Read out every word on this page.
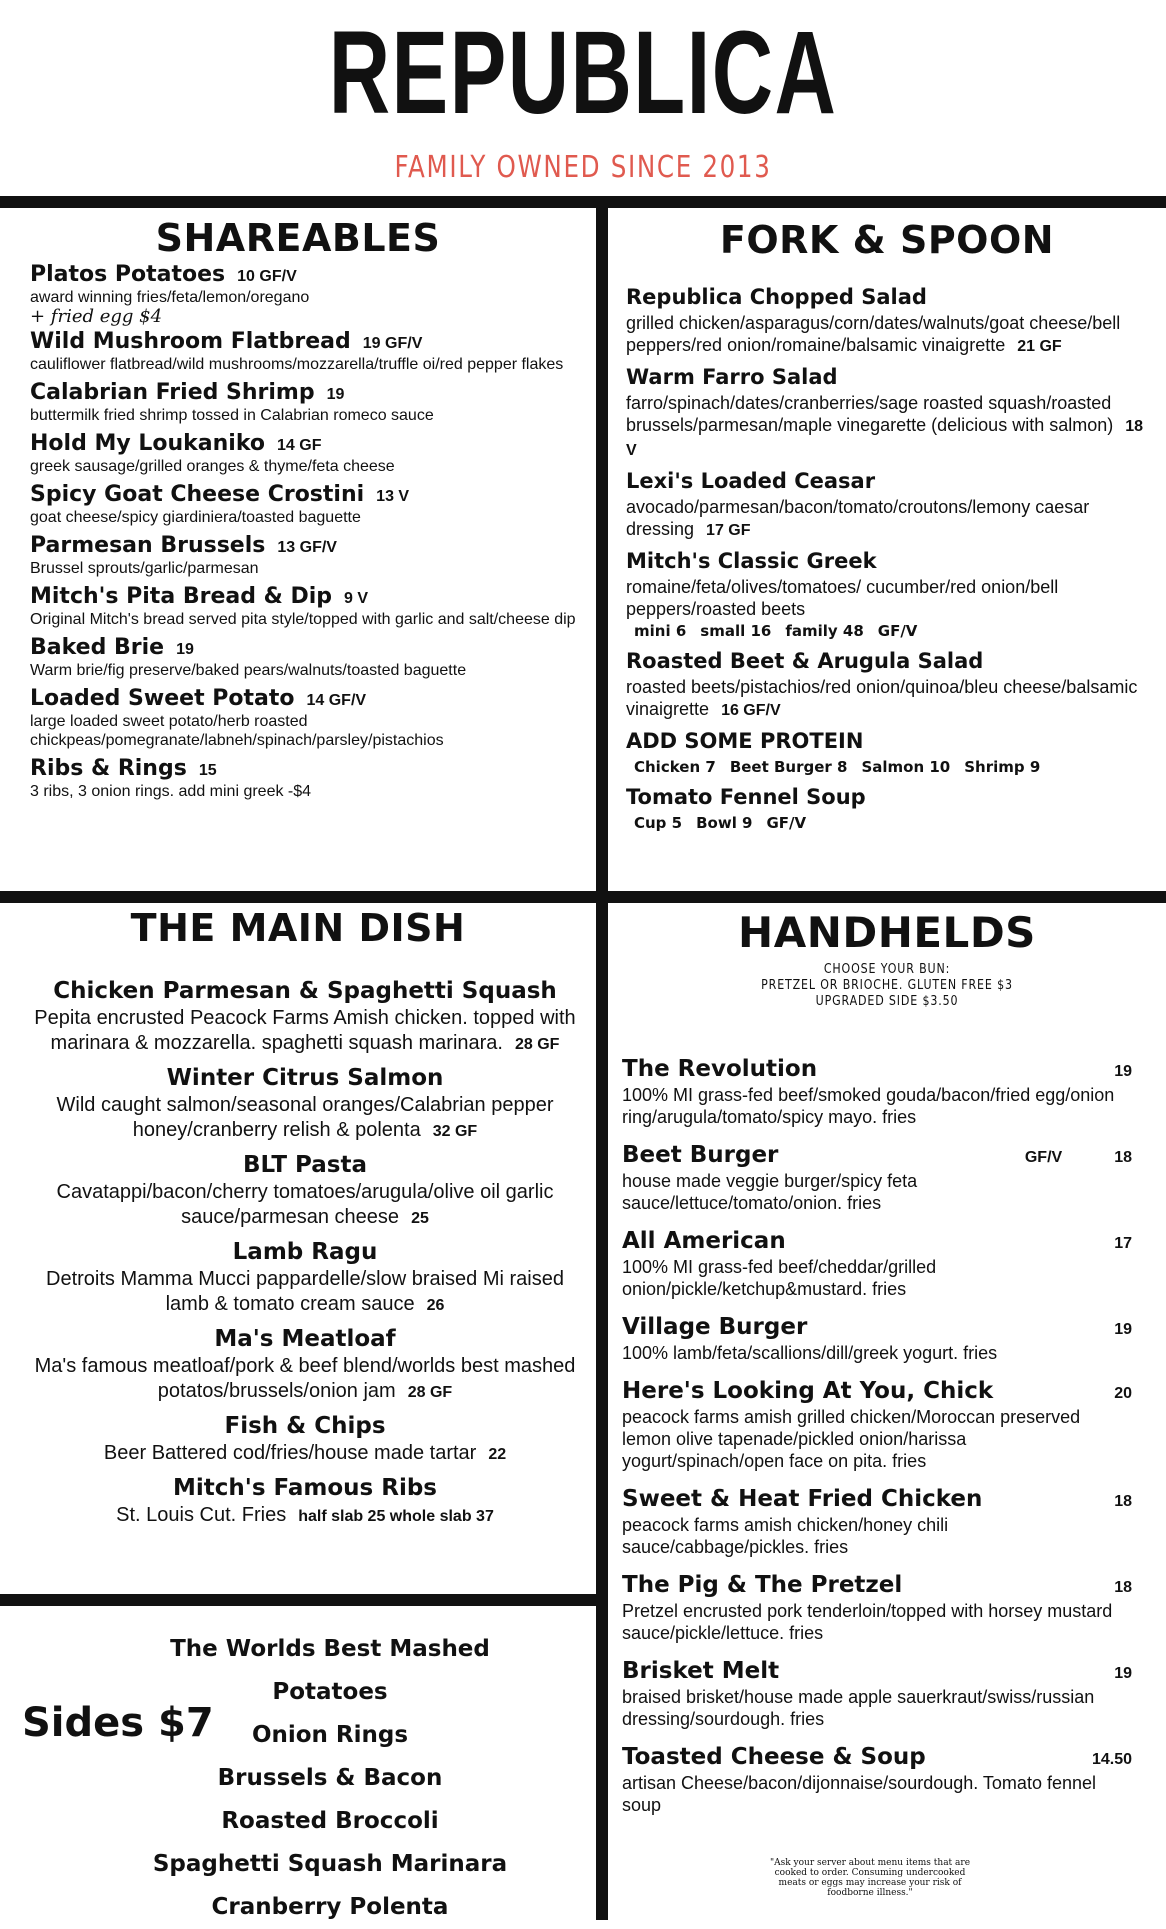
REPUBLICA
FAMILY OWNED SINCE 2013
SHAREABLES
Platos Potatoes 10 GF/V
award winning fries/feta/lemon/oregano
+ fried egg $4
Wild Mushroom Flatbread 19 GF/V
cauliflower flatbread/wild mushrooms/mozzarella/truffle oi/red pepper flakes
Calabrian Fried Shrimp 19
buttermilk fried shrimp tossed in Calabrian romeco sauce
Hold My Loukaniko 14 GF
greek sausage/grilled oranges & thyme/feta cheese
Spicy Goat Cheese Crostini 13 V
goat cheese/spicy giardiniera/toasted baguette
Parmesan Brussels 13 GF/V
Brussel sprouts/garlic/parmesan
Mitch's Pita Bread & Dip 9 V
Original Mitch's bread served pita style/topped with garlic and salt/cheese dip
Baked Brie 19
Warm brie/fig preserve/baked pears/walnuts/toasted baguette
Loaded Sweet Potato 14 GF/V
large loaded sweet potato/herb roasted chickpeas/pomegranate/labneh/spinach/parsley/pistachios
Ribs & Rings 15
3 ribs, 3 onion rings. add mini greek -$4
FORK & SPOON
Republica Chopped Salad
grilled chicken/asparagus/corn/dates/walnuts/goat cheese/bell peppers/red onion/romaine/balsamic vinaigrette 21 GF
Warm Farro Salad
farro/spinach/dates/cranberries/sage roasted squash/roasted brussels/parmesan/maple vinegarette (delicious with salmon) 18 V
Lexi's Loaded Ceasar
avocado/parmesan/bacon/tomato/croutons/lemony caesar dressing 17 GF
Mitch's Classic Greek
romaine/feta/olives/tomatoes/ cucumber/red onion/bell peppers/roasted beets
mini 6 small 16 family 48 GF/V
Roasted Beet & Arugula Salad
roasted beets/pistachios/red onion/quinoa/bleu cheese/balsamic vinaigrette 16 GF/V
ADD SOME PROTEIN
Chicken 7 Beet Burger 8 Salmon 10 Shrimp 9
Tomato Fennel Soup
Cup 5 Bowl 9 GF/V
THE MAIN DISH
Chicken Parmesan & Spaghetti Squash
Pepita encrusted Peacock Farms Amish chicken. topped with marinara & mozzarella. spaghetti squash marinara. 28 GF
Winter Citrus Salmon
Wild caught salmon/seasonal oranges/Calabrian pepper honey/cranberry relish & polenta 32 GF
BLT Pasta
Cavatappi/bacon/cherry tomatoes/arugula/olive oil garlic sauce/parmesan cheese 25
Lamb Ragu
Detroits Mamma Mucci pappardelle/slow braised Mi raised lamb & tomato cream sauce 26
Ma's Meatloaf
Ma's famous meatloaf/pork & beef blend/worlds best mashed potatos/brussels/onion jam 28 GF
Fish & Chips
Beer Battered cod/fries/house made tartar 22
Mitch's Famous Ribs
St. Louis Cut. Fries half slab 25 whole slab 37
HANDHELDS
CHOOSE YOUR BUN:
PRETZEL OR BRIOCHE. GLUTEN FREE $3
UPGRADED SIDE $3.50
The Revolution	19
100% MI grass-fed beef/smoked gouda/bacon/fried egg/onion ring/arugula/tomato/spicy mayo. fries
Beet Burger	GF/V	18
house made veggie burger/spicy feta sauce/lettuce/tomato/onion. fries
All American	17
100% MI grass-fed beef/cheddar/grilled onion/pickle/ketchup&mustard. fries
Village Burger	19
100% lamb/feta/scallions/dill/greek yogurt. fries
Here's Looking At You, Chick	20
peacock farms amish grilled chicken/Moroccan preserved lemon olive tapenade/pickled onion/harissa yogurt/spinach/open face on pita. fries
Sweet & Heat Fried Chicken	18
peacock farms amish chicken/honey chili sauce/cabbage/pickles. fries
The Pig & The Pretzel	18
Pretzel encrusted pork tenderloin/topped with horsey mustard sauce/pickle/lettuce. fries
Brisket Melt	19
braised brisket/house made apple sauerkraut/swiss/russian dressing/sourdough. fries
Toasted Cheese & Soup	14.50
artisan Cheese/bacon/dijonnaise/sourdough. Tomato fennel soup
"Ask your server about menu items that are cooked to order. Consuming undercooked meats or eggs may increase your risk of foodborne illness."
Sides $7
The Worlds Best Mashed Potatoes
Onion Rings
Brussels & Bacon
Roasted Broccoli
Spaghetti Squash Marinara
Cranberry Polenta
